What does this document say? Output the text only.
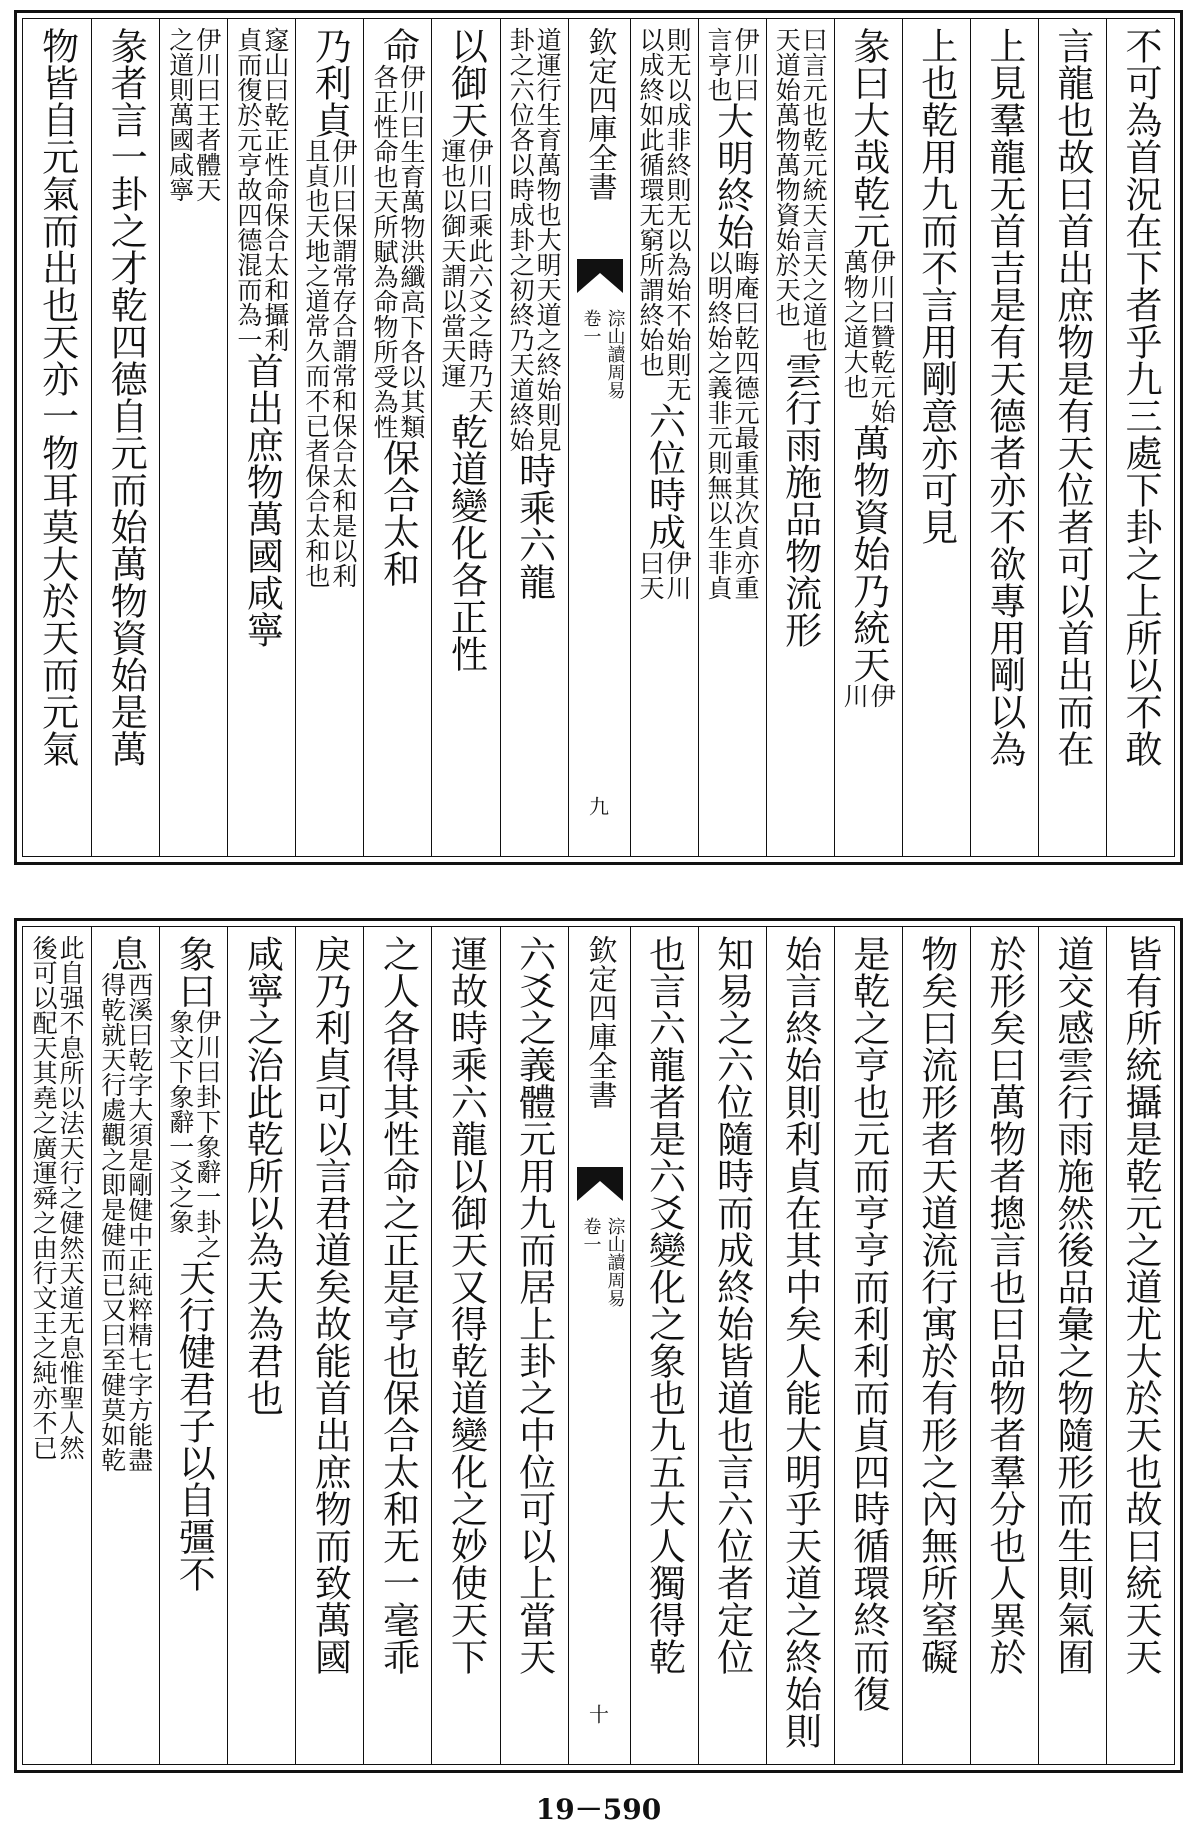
不可為首況在下者乎九三處下卦之上所以不敢
言龍也故曰首出庶物是有天位者可以首出而在
上見羣龍无首吉是有天德者亦不欲專用剛以為
上也乾用九而不言用剛意亦可見
彖曰大哉乾元
伊川曰贊乾元始
萬物之道大也
萬物資始乃統天
伊
川
曰言元也乾元統天言天之道也
天道始萬物萬物資始於天也
雲行雨施品物流形
伊川曰
言亨也
大明終始
晦庵曰乾四德元最重其次貞亦重
以明終始之義非元則無以生非貞
則无以成非終則无以為始不始則无
以成終如此循環无窮所謂終始也
六位時成
伊川
曰天
欽定四庫全書
卷一 淙山讀周易
九
道運行生育萬物也大明天道之終始則見
卦之六位各以時成卦之初終乃天道終始
時乘六龍
以御天
伊川曰乘此六爻之時乃天
運也以御天謂以當天運
乾道變化各正性
命
伊川曰生育萬物洪纖高下各以其類
各正性命也天所賦為命物所受為性
保合太和
乃利貞
伊川曰保謂常存合謂常和保合太和是以利
且貞也天地之道常久而不已者保合太和也
䆳山曰乾正性命保合太和攝利
貞而復於元亨故四德混而為一
首出庶物萬國咸寧
伊川曰王者體天
之道則萬國咸寧
彖者言一卦之才乾四德自元而始萬物資始是萬
物皆自元氣而出也天亦一物耳莫大於天而元氣
皆有所統攝是乾元之道尤大於天也故曰統天天
道交感雲行雨施然後品彙之物隨形而生則氣囿
於形矣曰萬物者摠言也曰品物者羣分也人異於
物矣曰流形者天道流行寓於有形之內無所窒礙
是乾之亨也元而亨亨而利利而貞四時循環終而復
始言終始則利貞在其中矣人能大明乎天道之終始則
知易之六位隨時而成終始皆道也言六位者定位
也言六龍者是六爻變化之象也九五大人獨得乾
欽定四庫全書
卷一 淙山讀周易
十
六爻之義體元用九而居上卦之中位可以上當天
運故時乘六龍以御天又得乾道變化之妙使天下
之人各得其性命之正是亨也保合太和无一毫乖
戾乃利貞可以言君道矣故能首出庶物而致萬國
咸寧之治此乾所以為天為君也
象曰
伊川曰卦下象辭一卦之
象文下象辭一爻之象
天行健君子以自彊不
息
西溪曰乾字大須是剛健中正純粹精七字方能盡
得乾就天行處觀之即是健而已又曰至健莫如乾
此自强不息所以法天行之健然天道无息惟聖人然
後可以配天其堯之廣運舜之由行文王之純亦不已
19－590
